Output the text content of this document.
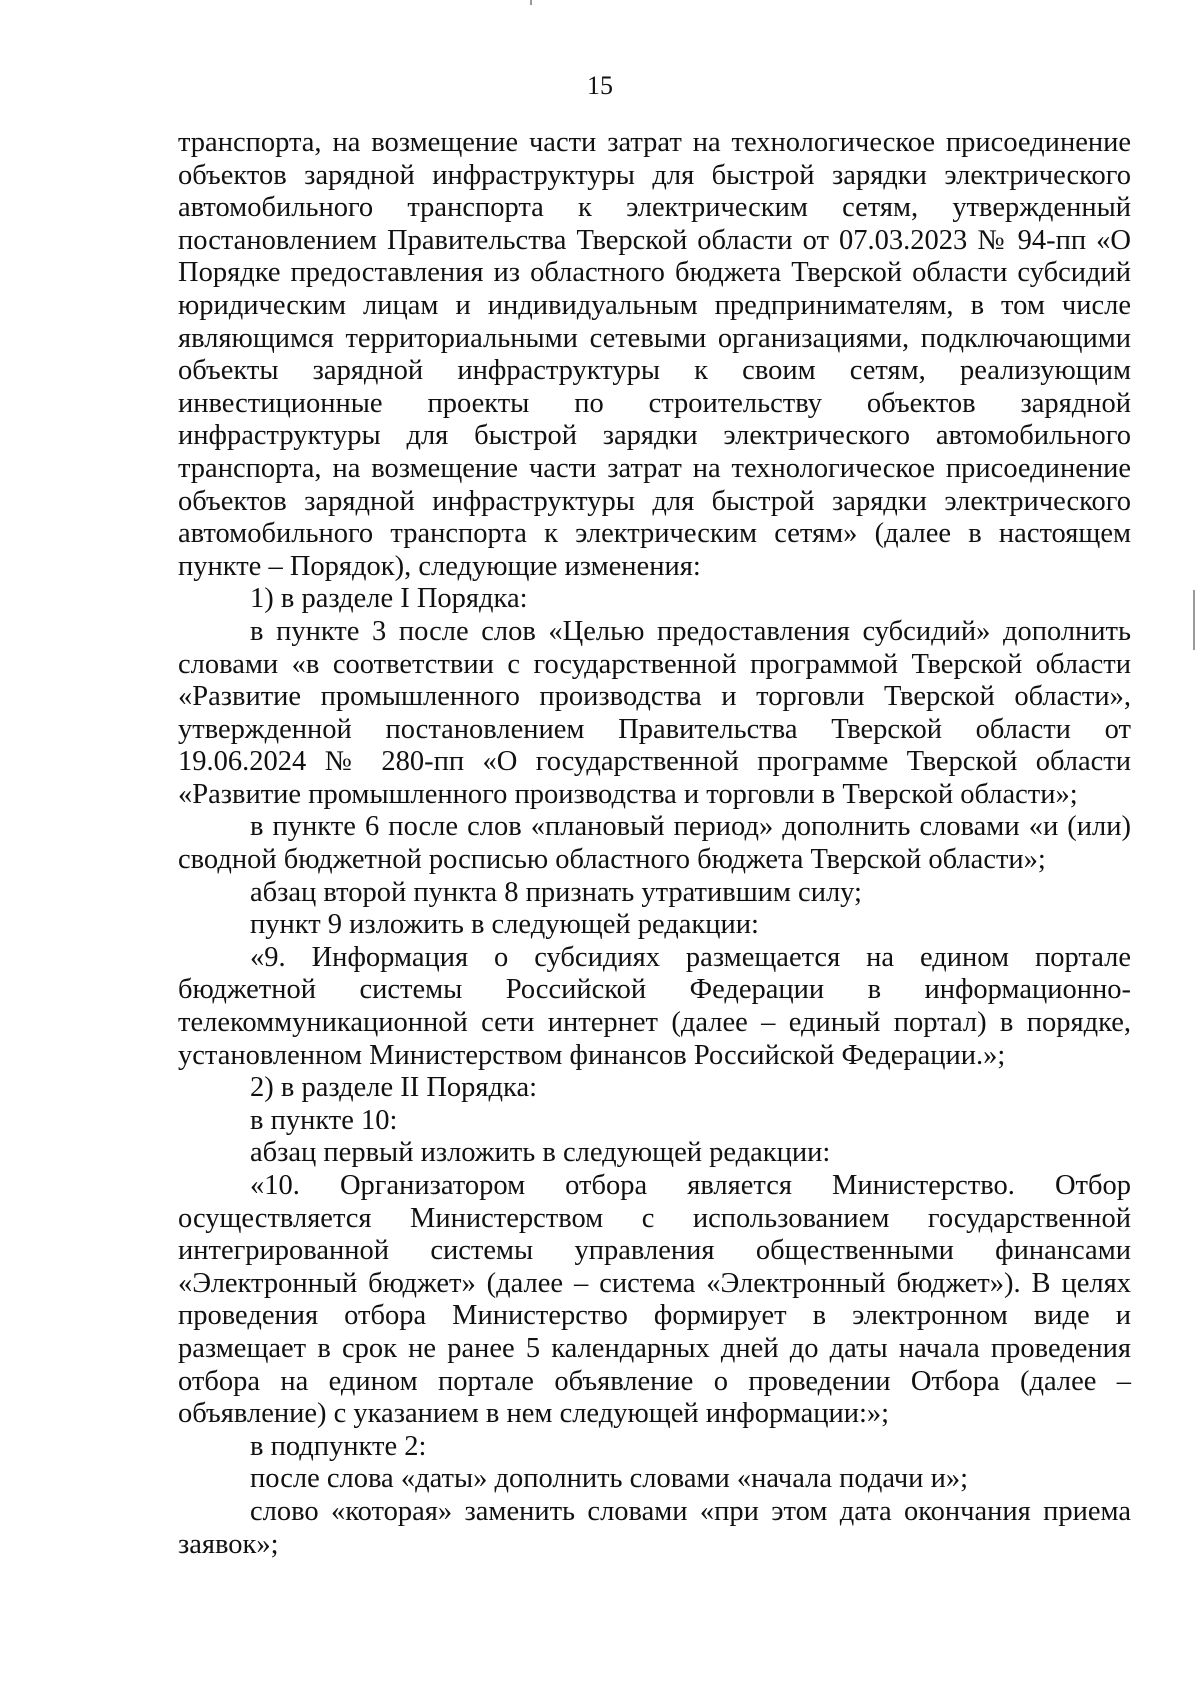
15

транспорта, на возмещение части затрат на технологическое присоединение объектов зарядной инфраструктуры для быстрой зарядки электрического автомобильного транспорта к электрическим сетям, утвержденный постановлением Правительства Тверской области от 07.03.2023 № 94-пп «О Порядке предоставления из областного бюджета Тверской области субсидий юридическим лицам и индивидуальным предпринимателям, в том числе являющимся территориальными сетевыми организациями, подключающими объекты зарядной инфраструктуры к своим сетям, реализующим инвестиционные проекты по строительству объектов зарядной инфраструктуры для быстрой зарядки электрического автомобильного транспорта, на возмещение части затрат на технологическое присоединение объектов зарядной инфраструктуры для быстрой зарядки электрического автомобильного транспорта к электрическим сетям» (далее в настоящем пункте – Порядок), следующие изменения:

1) в разделе I Порядка:

в пункте 3 после слов «Целью предоставления субсидий» дополнить словами «в соответствии с государственной программой Тверской области «Развитие промышленного производства и торговли Тверской области», утвержденной постановлением Правительства Тверской области от 19.06.2024 № 280-пп «О государственной программе Тверской области «Развитие промышленного производства и торговли в Тверской области»;

в пункте 6 после слов «плановый период» дополнить словами «и (или) сводной бюджетной росписью областного бюджета Тверской области»;

абзац второй пункта 8 признать утратившим силу;

пункт 9 изложить в следующей редакции:

«9. Информация о субсидиях размещается на едином портале бюджетной системы Российской Федерации в информационно-телекоммуникационной сети интернет (далее – единый портал) в порядке, установленном Министерством финансов Российской Федерации.»;

2) в разделе II Порядка:

в пункте 10:

абзац первый изложить в следующей редакции:

«10. Организатором отбора является Министерство. Отбор осуществляется Министерством с использованием государственной интегрированной системы управления общественными финансами «Электронный бюджет» (далее – система «Электронный бюджет»). В целях проведения отбора Министерство формирует в электронном виде и размещает в срок не ранее 5 календарных дней до даты начала проведения отбора на едином портале объявление о проведении Отбора (далее – объявление) с указанием в нем следующей информации:»;

в подпункте 2:

после слова «даты» дополнить словами «начала подачи и»;

слово «которая» заменить словами «при этом дата окончания приема заявок»;
